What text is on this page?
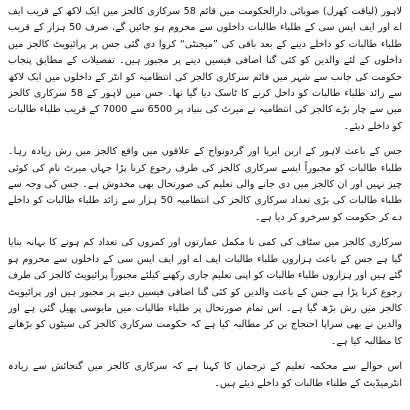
لاہور (لیاقت کھرل) صوبائی دارالحکومت میں قائم 58 سرکاری کالجز میں ایک لاکھ کے قریب ایف اے اور ایف ایس سی کے طلباء طالبات داخلوں سے محروم ہو جائیں گے، صرف 50 ہزار کے قریب طلباء طالبات کو داخلے دینے کے بعد باقی کی ”میجنٹی“ کروا دی گئی جس پر پرائیویٹ کالجز میں داخلوں کے لئے والدین کو کئی گنا اضافی فیسیں دینے پر مجبور ہیں۔ تفصیلات کے مطابق پنجاب حکومت کی جانب سے شہر میں قائم سرکاری کالجز کی انتظامیہ کو انٹر کے داخلوں میں ایک لاکھ سے زائد طلباء طالبات کو داخل کرنے کا ٹاسک دیا گیا تھا۔ جس میں لاہور کے 58 سرکاری کالجز میں سے چار بڑے کالجز کی انتظامیہ نے میرٹ کی بنیاد پر 6500 سے 7000 کے قریب طلباء طالبات کو داخلے دیئے۔

جس کے باعث لاہور کے اربن ایریا اور گردونواح کے علاقوں میں واقع کالجز میں رش زیادہ رہا۔ طلباء طالبات کو مجبوراً ایسے سرکاری کالجز کی طرف رجوع کرنا پڑا جہاں میرٹ نام کی کوئی چیز نہیں اور ان کالجز میں دی جانے والی تعلیم کی صورتحال بھی مخدوش ہے۔ جس کی وجہ سے طلباء طالبات کی بڑی تعداد سرکاری کالجز کی انتظامیہ 50 ہزار سے زائد طلباء طالبات کو داخلے دے کر حکومت کو سرخرو کر دیا ہے۔

سرکاری کالجز میں سٹاف کی کمی نا مکمل عمارتوں اور کمروں کی تعداد کم ہونے کا بہانہ بنایا گیا ہے جس کے باعث ہزاروں طلباء طالبات ایف اے اور ایف ایس سی کے داخلوں سے محروم ہو گئے ہیں اور ہزاروں طلباء طالبات کو اپنی تعلیم جاری رکھنے کیلئے مجبوراً پرائیویٹ کالجز کی طرف رجوع کرنا پڑا ہے جس کے باعث والدین کو کئی گنا اضافی فیسیں دینے پر مجبور ہیں اور پرائیویٹ کالجز میں رش بڑھ گیا ہے۔ اس تمام صورتحال پر طلباء طالبات میں مایوسی پھیل گئی ہے اور والدین نے بھی سراپا احتجاج بن کر مطالبہ کیا ہے کہ حکومت سرکاری کالجز کی سیٹوں کو بڑھانے کا مطالبہ کیا ہے۔

اس حوالے سے محکمہ تعلیم کے ترجمان کا کہنا ہے کہ سرکاری کالجز میں گنجائش سے زیادہ انٹرمیڈیٹ کے طلباء طالبات کو داخلے دیئے ہیں۔
